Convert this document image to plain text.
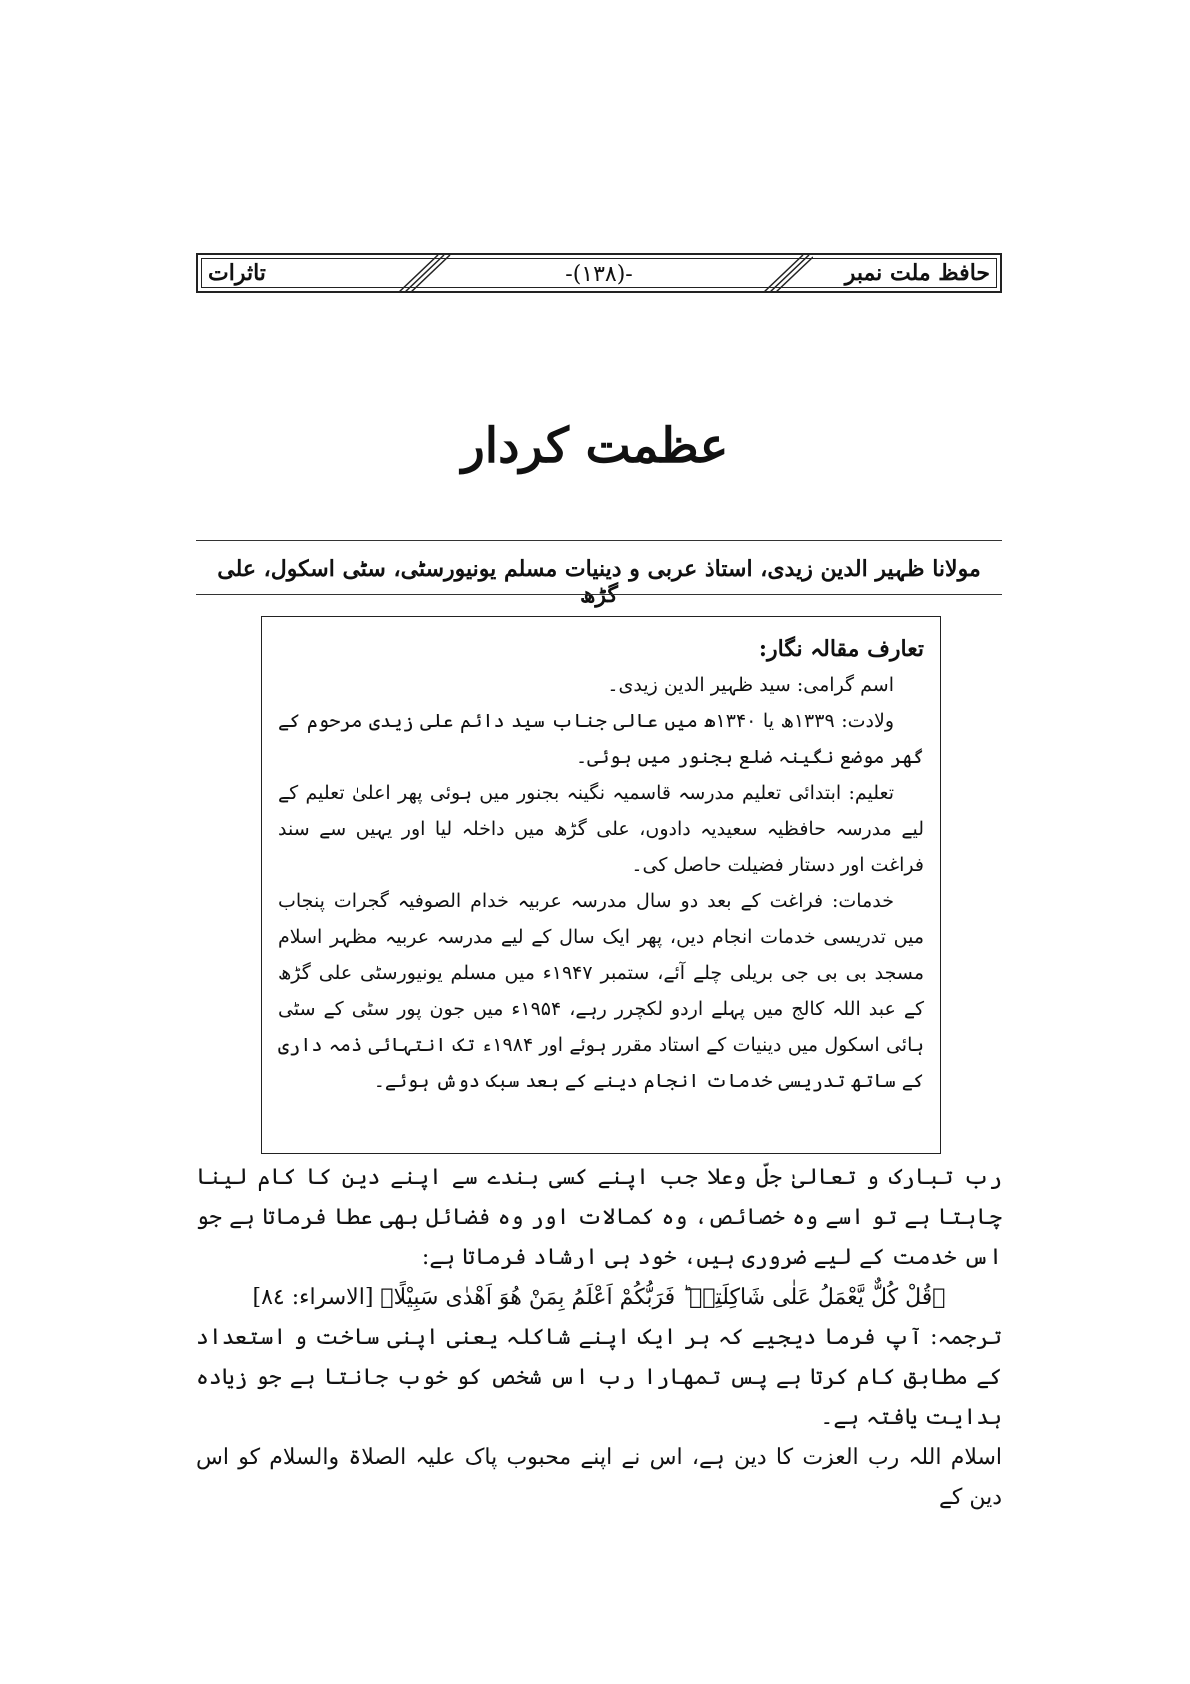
تاثرات	-(۱۳۸)-	حافظ ملت نمبر
عظمت کردار
مولانا ظہیر الدین زیدی، استاذ عربی و دینیات مسلم یونیورسٹی، سٹی اسکول، علی گڑھ

تعارف مقالہ نگار:

اسم گرامی: سید ظہیر الدین زیدی۔

ولادت: ۱۳۳۹ھ یا ۱۳۴۰ھ میں عالی جناب سید دائم علی زیدی مرحوم کے گھر موضع نگینہ ضلع بجنور میں ہوئی۔

تعلیم: ابتدائی تعلیم مدرسہ قاسمیہ نگینہ بجنور میں ہوئی پھر اعلیٰ تعلیم کے لیے مدرسہ حافظیہ سعیدیہ دادوں، علی گڑھ میں داخلہ لیا اور یہیں سے سند فراغت اور دستار فضیلت حاصل کی۔

خدمات: فراغت کے بعد دو سال مدرسہ عربیہ خدام الصوفیہ گجرات پنجاب میں تدریسی خدمات انجام دیں، پھر ایک سال کے لیے مدرسہ عربیہ مظہر اسلام مسجد بی بی جی بریلی چلے آئے، ستمبر ۱۹۴۷ء میں مسلم یونیورسٹی علی گڑھ کے عبد اللہ کالج میں پہلے اردو لکچرر رہے، ۱۹۵۴ء میں جون پور سٹی کے سٹی ہائی اسکول میں دینیات کے استاد مقرر ہوئے اور ۱۹۸۴ء تک انتہائی ذمہ داری کے ساتھ تدریسی خدمات انجام دینے کے بعد سبک دوش ہوئے۔

رب تبارک و تعالیٰ جلّ وعلا جب اپنے کسی بندے سے اپنے دین کا کام لینا چاہتا ہے تو اسے وہ خصائص، وہ کمالات اور وہ فضائل بھی عطا فرماتا ہے جو اس خدمت کے لیے ضروری ہیں، خود ہی ارشاد فرماتا ہے:

﴿قُلْ كُلٌّ يَّعْمَلُ عَلٰى شَاكِلَتِهٖ ؕ فَرَبُّكُمْ اَعْلَمُ بِمَنْ هُوَ اَهْدٰى سَبِيْلًا﴾ [الاسراء: ٨٤]

ترجمہ: آپ فرما دیجیے کہ ہر ایک اپنے شاکلہ یعنی اپنی ساخت و استعداد کے مطابق کام کرتا ہے پس تمھارا رب اس شخص کو خوب جانتا ہے جو زیادہ ہدایت یافتہ ہے۔

اسلام اللہ رب العزت کا دین ہے، اس نے اپنے محبوب پاک علیہ الصلاۃ والسلام کو اس دین کے
